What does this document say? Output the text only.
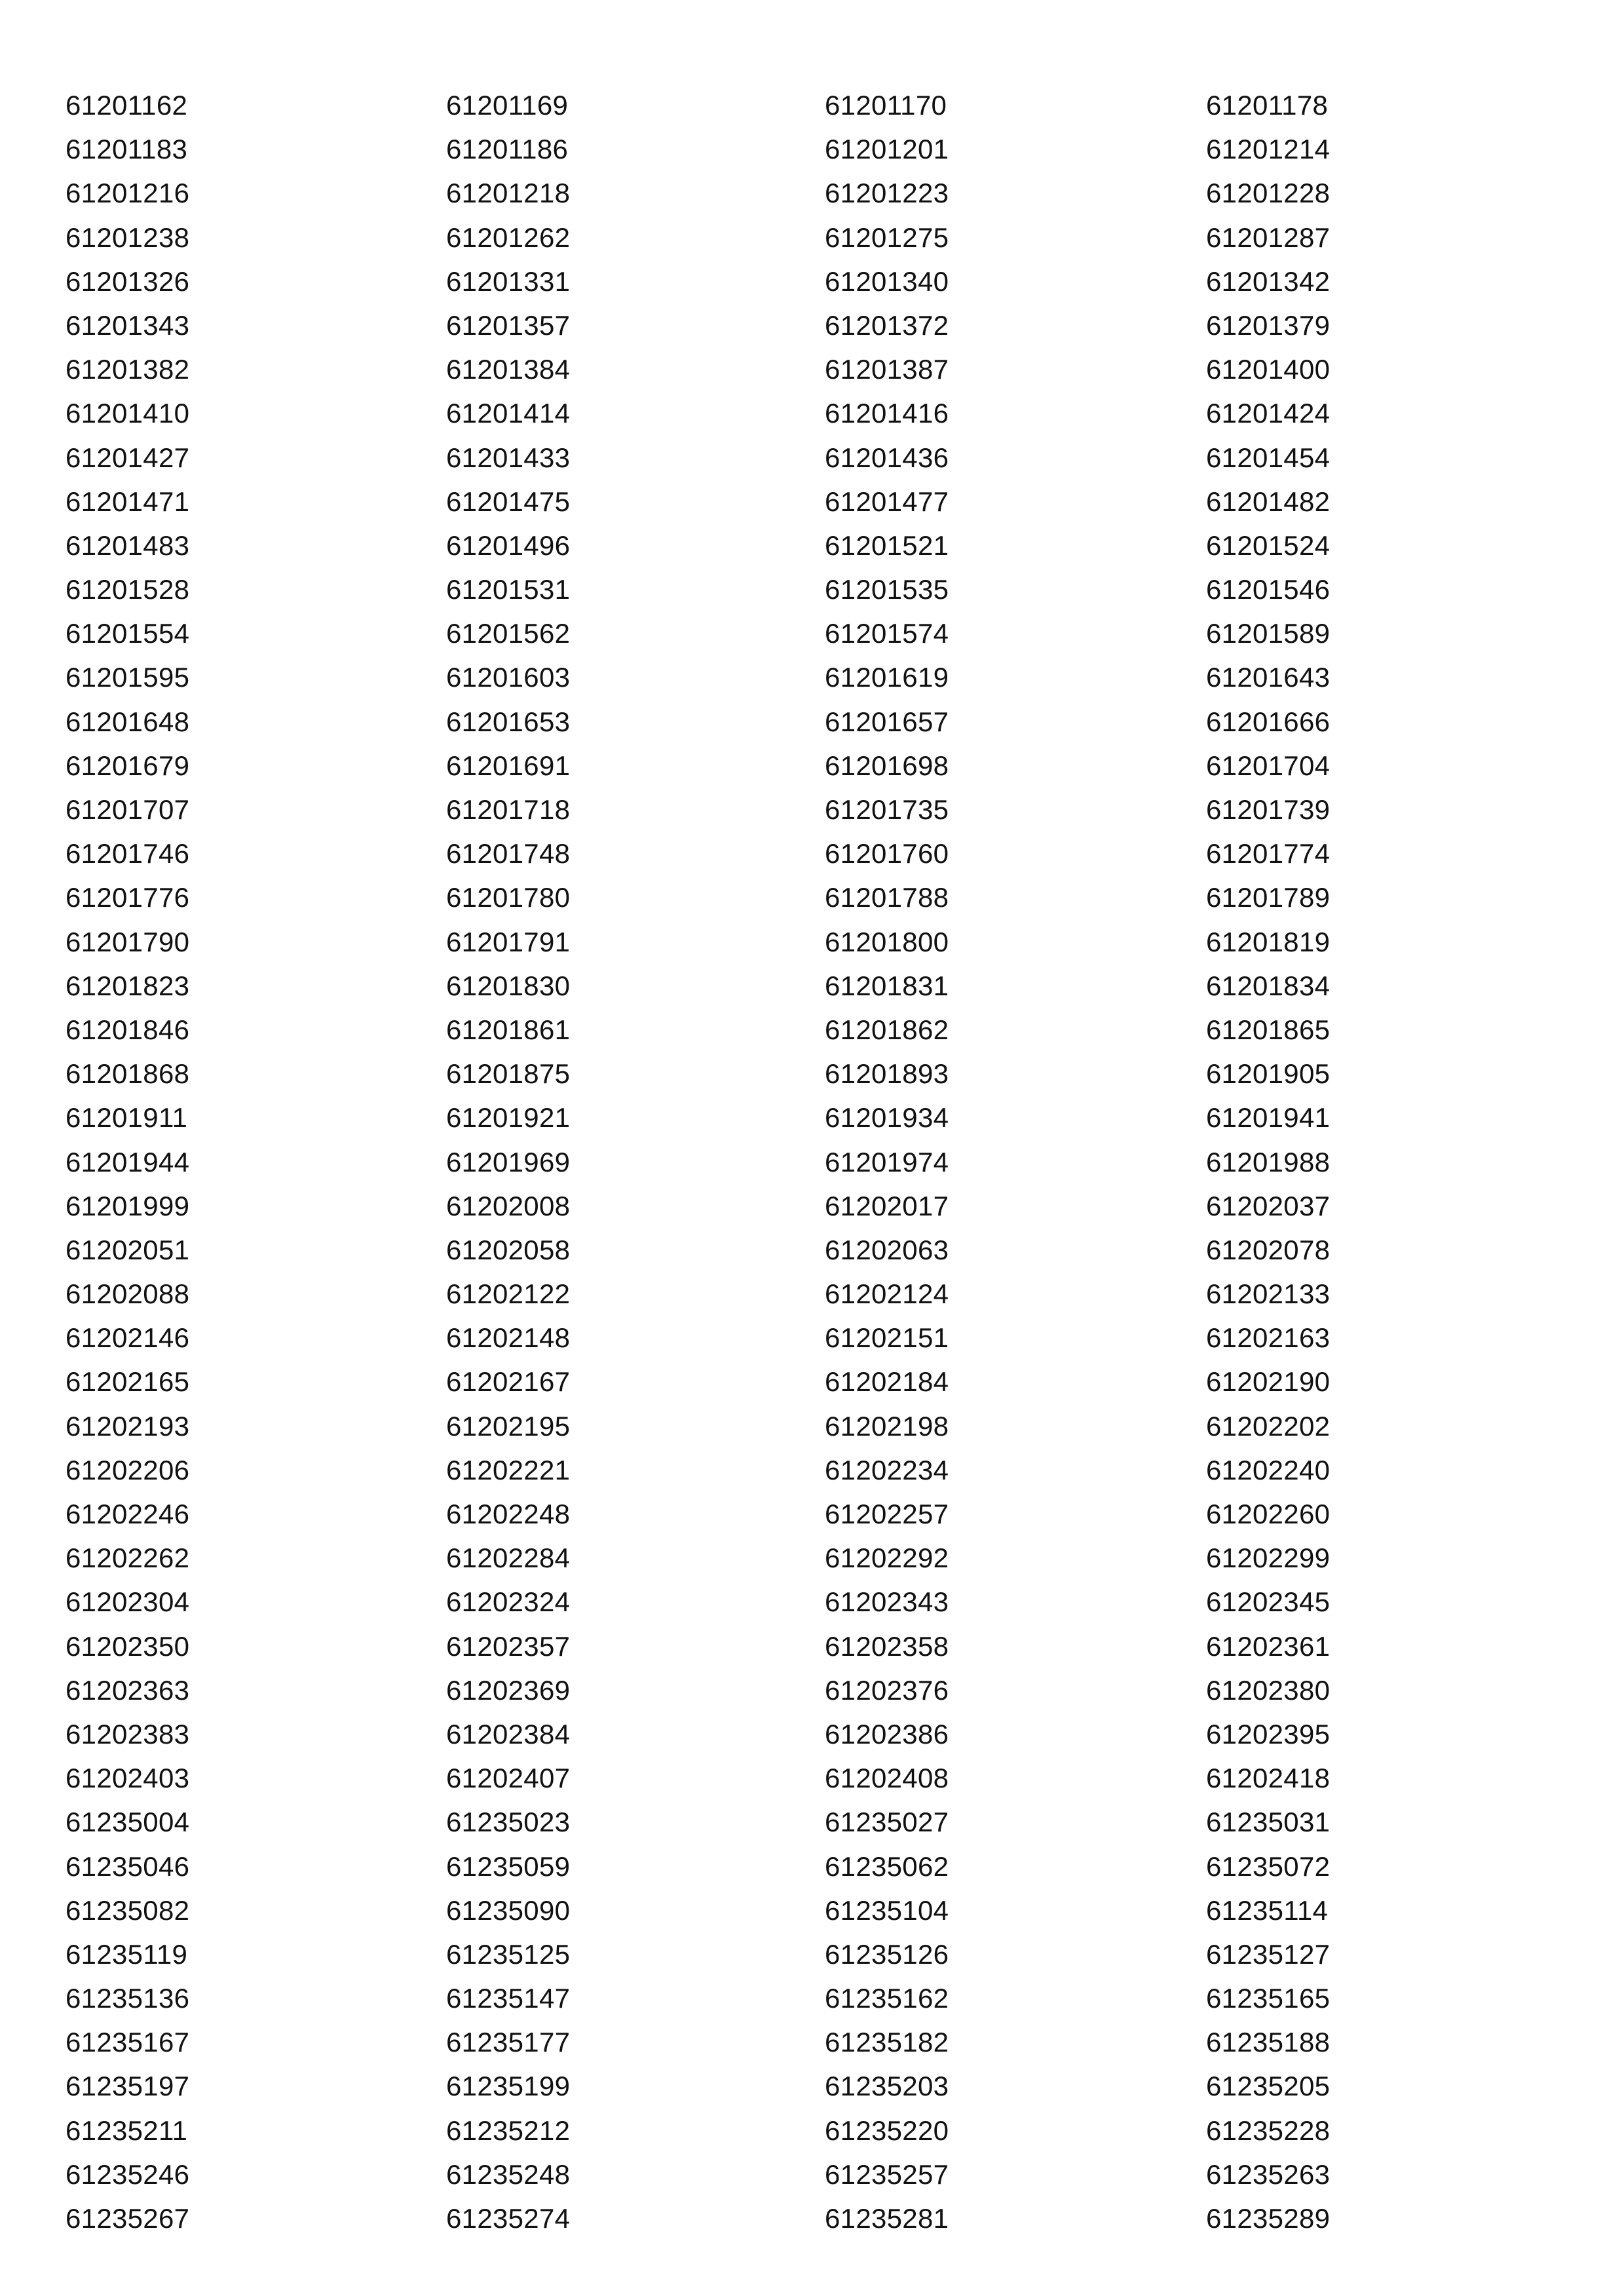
61201162	61201169	61201170	61201178
61201183	61201186	61201201	61201214
61201216	61201218	61201223	61201228
61201238	61201262	61201275	61201287
61201326	61201331	61201340	61201342
61201343	61201357	61201372	61201379
61201382	61201384	61201387	61201400
61201410	61201414	61201416	61201424
61201427	61201433	61201436	61201454
61201471	61201475	61201477	61201482
61201483	61201496	61201521	61201524
61201528	61201531	61201535	61201546
61201554	61201562	61201574	61201589
61201595	61201603	61201619	61201643
61201648	61201653	61201657	61201666
61201679	61201691	61201698	61201704
61201707	61201718	61201735	61201739
61201746	61201748	61201760	61201774
61201776	61201780	61201788	61201789
61201790	61201791	61201800	61201819
61201823	61201830	61201831	61201834
61201846	61201861	61201862	61201865
61201868	61201875	61201893	61201905
61201911	61201921	61201934	61201941
61201944	61201969	61201974	61201988
61201999	61202008	61202017	61202037
61202051	61202058	61202063	61202078
61202088	61202122	61202124	61202133
61202146	61202148	61202151	61202163
61202165	61202167	61202184	61202190
61202193	61202195	61202198	61202202
61202206	61202221	61202234	61202240
61202246	61202248	61202257	61202260
61202262	61202284	61202292	61202299
61202304	61202324	61202343	61202345
61202350	61202357	61202358	61202361
61202363	61202369	61202376	61202380
61202383	61202384	61202386	61202395
61202403	61202407	61202408	61202418
61235004	61235023	61235027	61235031
61235046	61235059	61235062	61235072
61235082	61235090	61235104	61235114
61235119	61235125	61235126	61235127
61235136	61235147	61235162	61235165
61235167	61235177	61235182	61235188
61235197	61235199	61235203	61235205
61235211	61235212	61235220	61235228
61235246	61235248	61235257	61235263
61235267	61235274	61235281	61235289
